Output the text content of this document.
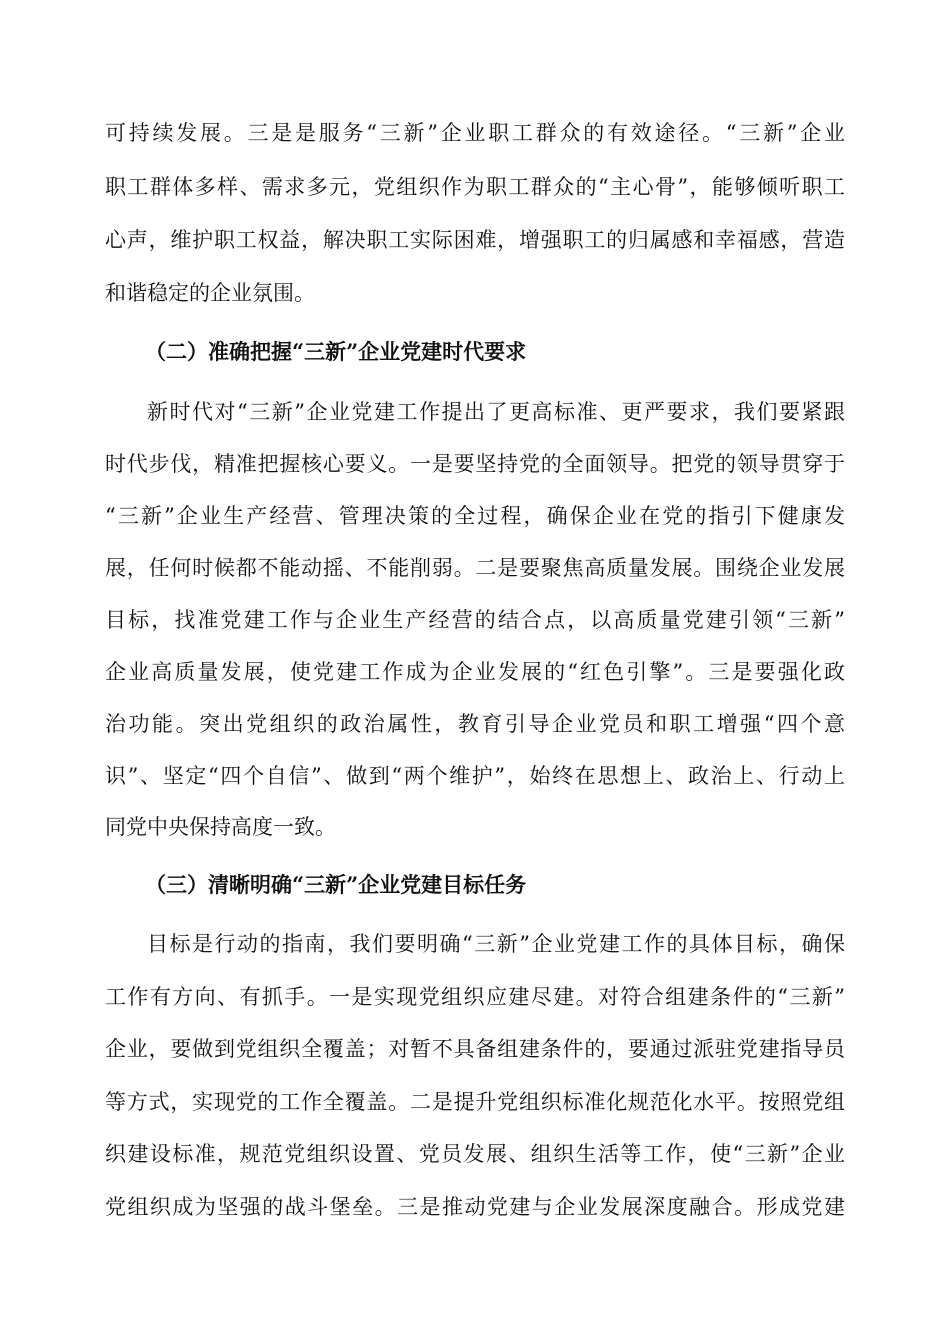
可持续发展。三是是服务“三新”企业职工群众的有效途径。“三新”企业
职工群体多样、需求多元，党组织作为职工群众的“主心骨”，能够倾听职工
心声，维护职工权益，解决职工实际困难，增强职工的归属感和幸福感，营造
和谐稳定的企业氛围。
（二）准确把握“三新”企业党建时代要求
新时代对“三新”企业党建工作提出了更高标准、更严要求，我们要紧跟
时代步伐，精准把握核心要义。一是要坚持党的全面领导。把党的领导贯穿于
“三新”企业生产经营、管理决策的全过程，确保企业在党的指引下健康发
展，任何时候都不能动摇、不能削弱。二是要聚焦高质量发展。围绕企业发展
目标，找准党建工作与企业生产经营的结合点，以高质量党建引领“三新”
企业高质量发展，使党建工作成为企业发展的“红色引擎”。三是要强化政
治功能。突出党组织的政治属性，教育引导企业党员和职工增强“四个意
识”、坚定“四个自信”、做到“两个维护”，始终在思想上、政治上、行动上
同党中央保持高度一致。
（三）清晰明确“三新”企业党建目标任务
目标是行动的指南，我们要明确“三新”企业党建工作的具体目标，确保
工作有方向、有抓手。一是实现党组织应建尽建。对符合组建条件的“三新”
企业，要做到党组织全覆盖；对暂不具备组建条件的，要通过派驻党建指导员
等方式，实现党的工作全覆盖。二是提升党组织标准化规范化水平。按照党组
织建设标准，规范党组织设置、党员发展、组织生活等工作，使“三新”企业
党组织成为坚强的战斗堡垒。三是推动党建与企业发展深度融合。形成党建
